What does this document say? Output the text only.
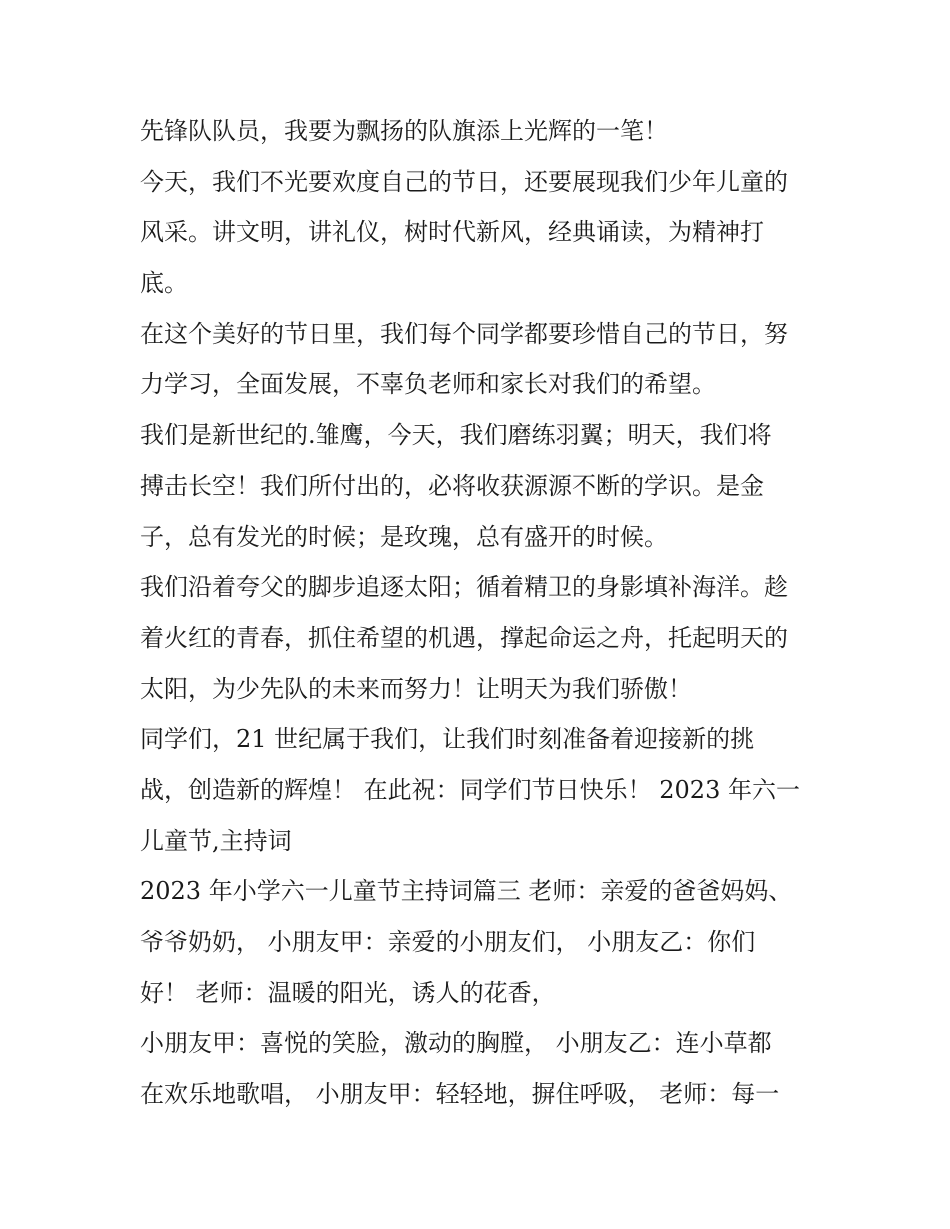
先锋队队员，我要为飘扬的队旗添上光辉的一笔！
今天，我们不光要欢度自己的节日，还要展现我们少年儿童的
风采。讲文明，讲礼仪，树时代新风，经典诵读，为精神打
底。
在这个美好的节日里，我们每个同学都要珍惜自己的节日，努
力学习，全面发展，不辜负老师和家长对我们的希望。
我们是新世纪的.雏鹰，今天，我们磨练羽翼；明天，我们将
搏击长空！我们所付出的，必将收获源源不断的学识。是金
子，总有发光的时候；是玫瑰，总有盛开的时候。
我们沿着夸父的脚步追逐太阳；循着精卫的身影填补海洋。趁
着火红的青春，抓住希望的机遇，撑起命运之舟，托起明天的
太阳，为少先队的未来而努力！让明天为我们骄傲！
同学们，21 世纪属于我们，让我们时刻准备着迎接新的挑
战，创造新的辉煌！ 在此祝：同学们节日快乐！ 2023 年六一
儿童节,主持词
2023 年小学六一儿童节主持词篇三 老师：亲爱的爸爸妈妈、
爷爷奶奶， 小朋友甲：亲爱的小朋友们， 小朋友乙：你们
好！ 老师：温暖的阳光，诱人的花香，
小朋友甲：喜悦的笑脸，激动的胸膛， 小朋友乙：连小草都
在欢乐地歌唱， 小朋友甲：轻轻地，摒住呼吸， 老师：每一
